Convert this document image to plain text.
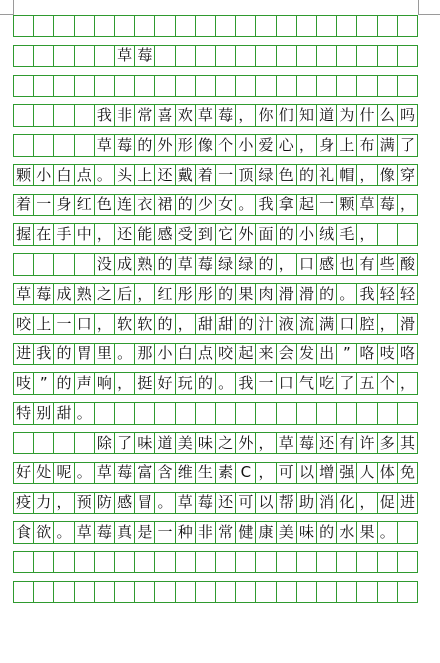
草 莓
我 非 常 喜 欢 草 莓 ， 你 们 知 道 为 什 么 吗
草 莓 的 外 形 像 个 小 爱 心 ， 身 上 布 满 了
颗 小 白 点 。 头 上 还 戴 着 一 顶 绿 色 的 礼 帽 ， 像 穿
着 一 身 红 色 连 衣 裙 的 少 女 。 我 拿 起 一 颗 草 莓 ，
握 在 手 中 ， 还 能 感 受 到 它 外 面 的 小 绒 毛 ，
没 成 熟 的 草 莓 绿 绿 的 ， 口 感 也 有 些 酸
草 莓 成 熟 之 后 ， 红 彤 彤 的 果 肉 滑 滑 的 。 我 轻 轻
咬 上 一 口 ， 软 软 的 ， 甜 甜 的 汁 液 流 满 口 腔 ， 滑
进 我 的 胃 里 。 那 小 白 点 咬 起 来 会 发 出 ” 咯 吱 咯
吱 ” 的 声 响 ， 挺 好 玩 的 。 我 一 口 气 吃 了 五 个 ，
特 别 甜 。
除 了 味 道 美 味 之 外 ， 草 莓 还 有 许 多 其
好 处 呢 。 草 莓 富 含 维 生 素 C ， 可 以 增 强 人 体 免
疫 力 ， 预 防 感 冒 。 草 莓 还 可 以 帮 助 消 化 ， 促 进
食 欲 。 草 莓 真 是 一 种 非 常 健 康 美 味 的 水 果 。
